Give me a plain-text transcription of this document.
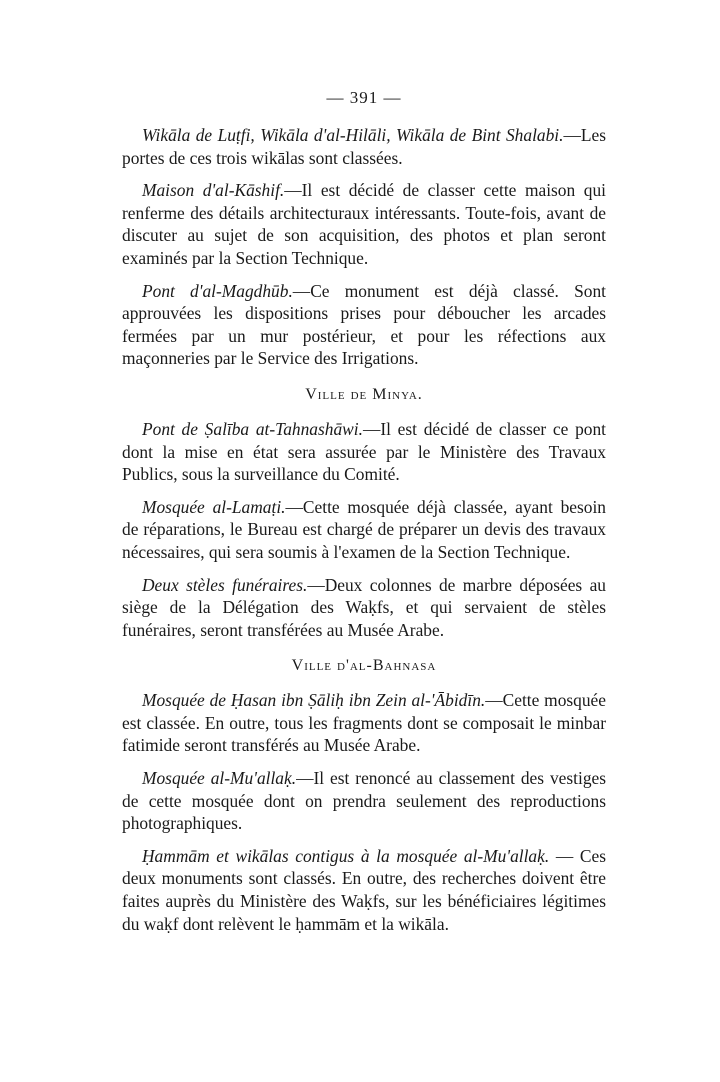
— 391 —

Wikāla de Luṭfi, Wikāla d'al-Hilāli, Wikāla de Bint Shalabi.—Les portes de ces trois wikālas sont classées.

Maison d'al-Kāshif.—Il est décidé de classer cette maison qui renferme des détails architecturaux intéressants. Toute-fois, avant de discuter au sujet de son acquisition, des photos et plan seront examinés par la Section Technique.

Pont d'al-Magdhūb.—Ce monument est déjà classé. Sont approuvées les dispositions prises pour déboucher les arcades fermées par un mur postérieur, et pour les réfections aux maçonneries par le Service des Irrigations.

Ville de Minya.

Pont de Ṣalība at-Tahnashāwi.—Il est décidé de classer ce pont dont la mise en état sera assurée par le Ministère des Travaux Publics, sous la surveillance du Comité.

Mosquée al-Lamaṭi.—Cette mosquée déjà classée, ayant besoin de réparations, le Bureau est chargé de préparer un devis des travaux nécessaires, qui sera soumis à l'examen de la Section Technique.

Deux stèles funéraires.—Deux colonnes de marbre déposées au siège de la Délégation des Waḳfs, et qui servaient de stèles funéraires, seront transférées au Musée Arabe.

Ville d'al-Bahnasa

Mosquée de Ḥasan ibn Ṣāliḥ ibn Zein al-'Ābidīn.—Cette mosquée est classée. En outre, tous les fragments dont se composait le minbar fatimide seront transférés au Musée Arabe.

Mosquée al-Mu'allaḳ.—Il est renoncé au classement des vestiges de cette mosquée dont on prendra seulement des reproductions photographiques.

Ḥammām et wikālas contigus à la mosquée al-Mu'allaḳ. — Ces deux monuments sont classés. En outre, des recherches doivent être faites auprès du Ministère des Waḳfs, sur les bénéficiaires légitimes du waḳf dont relèvent le ḥammām et la wikāla.
